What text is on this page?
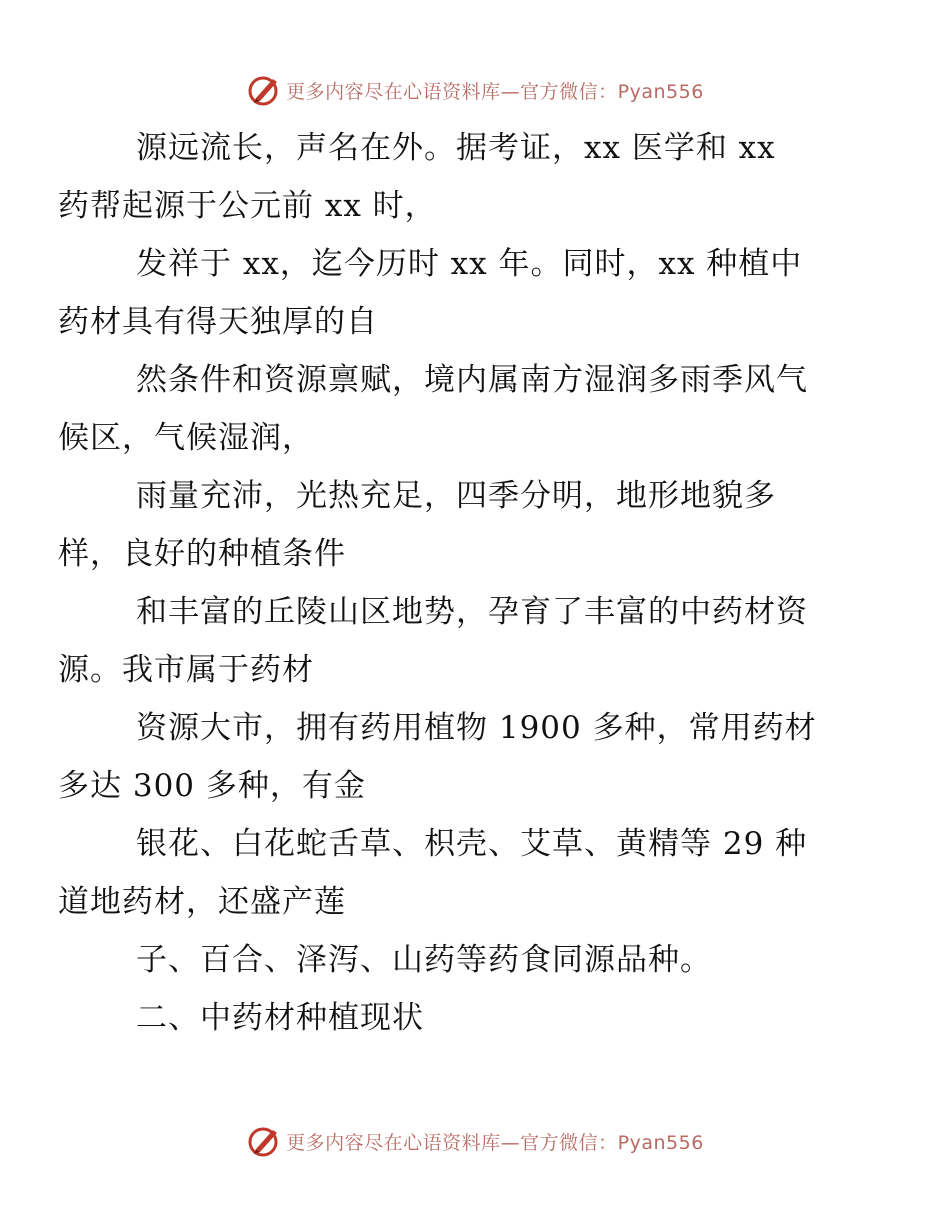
更多内容尽在心语资料库—官方微信：Pyan556

源远流长，声名在外。据考证，xx 医学和 xx
药帮起源于公元前 xx 时，

发祥于 xx，迄今历时 xx 年。同时，xx 种植中
药材具有得天独厚的自

然条件和资源禀赋，境内属南方湿润多雨季风气
候区，气候湿润，

雨量充沛，光热充足，四季分明，地形地貌多
样，良好的种植条件

和丰富的丘陵山区地势，孕育了丰富的中药材资
源。我市属于药材

资源大市，拥有药用植物 1900 多种，常用药材
多达 300 多种，有金

银花、白花蛇舌草、枳壳、艾草、黄精等 29 种
道地药材，还盛产莲

子、百合、泽泻、山药等药食同源品种。

二、中药材种植现状

更多内容尽在心语资料库—官方微信：Pyan556
